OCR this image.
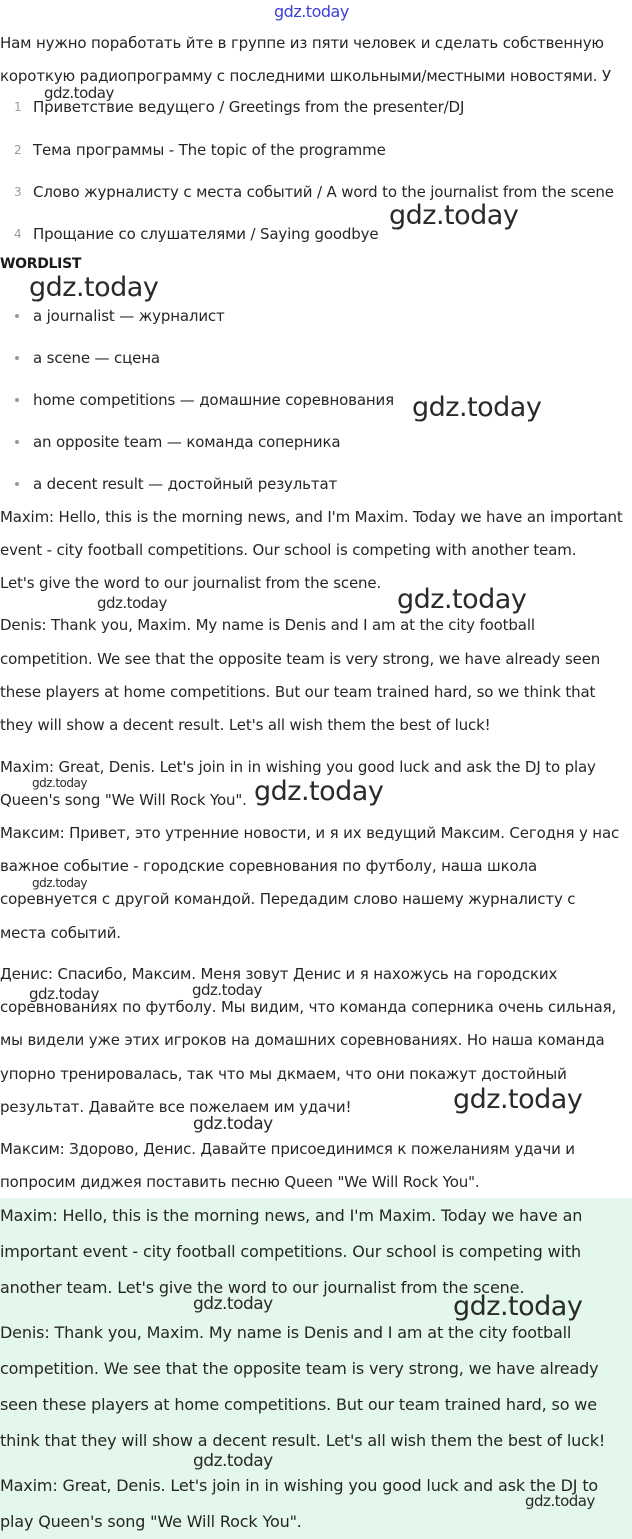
gdz.today
Нам нужно поработать йте в группе из пяти человек и сделать собственную
короткую радиопрограмму с последними школьными/местными новостями. У
1 Приветствие ведущего / Greetings from the presenter/DJ
2 Тема программы - The topic of the programme
3 Слово журналисту с места событий / A word to the journalist from the scene
4 Прощание со слушателями / Saying goodbye
WORDLIST
a journalist — журналист
a scene — сцена
home competitions — домашние соревнования
an opposite team — команда соперника
a decent result — достойный результат
Maxim: Hello, this is the morning news, and I'm Maxim. Today we have an important
event - city football competitions. Our school is competing with another team.
Let's give the word to our journalist from the scene.
Denis: Thank you, Maxim. My name is Denis and I am at the city football
competition. We see that the opposite team is very strong, we have already seen
these players at home competitions. But our team trained hard, so we think that
they will show a decent result. Let's all wish them the best of luck!
Maxim: Great, Denis. Let's join in in wishing you good luck and ask the DJ to play
Queen's song "We Will Rock You".
Максим: Привет, это утренние новости, и я их ведущий Максим. Сегодня у нас
важное событие - городские соревнования по футболу, наша школа
соревнуется с другой командой. Передадим слово нашему журналисту с
места событий.
Денис: Спасибо, Максим. Меня зовут Денис и я нахожусь на городских
соревнованиях по футболу. Мы видим, что команда соперника очень сильная,
мы видели уже этих игроков на домашних соревнованиях. Но наша команда
упорно тренировалась, так что мы дкмаем, что они покажут достойный
результат. Давайте все пожелаем им удачи!
Максим: Здорово, Денис. Давайте присоединимся к пожеланиям удачи и
попросим диджея поставить песню Queen "We Will Rock You".
Maxim: Hello, this is the morning news, and I'm Maxim. Today we have an
important event - city football competitions. Our school is competing with
another team. Let's give the word to our journalist from the scene.
Denis: Thank you, Maxim. My name is Denis and I am at the city football
competition. We see that the opposite team is very strong, we have already
seen these players at home competitions. But our team trained hard, so we
think that they will show a decent result. Let's all wish them the best of luck!
Maxim: Great, Denis. Let's join in in wishing you good luck and ask the DJ to
play Queen's song "We Will Rock You".
gdz.today
gdz.today
gdz.today
gdz.today
gdz.today	gdz.today
gdz.today	gdz.today
gdz.today
gdz.today	gdz.today
gdz.today
gdz.today
gdz.today	gdz.today
gdz.today
gdz.today
